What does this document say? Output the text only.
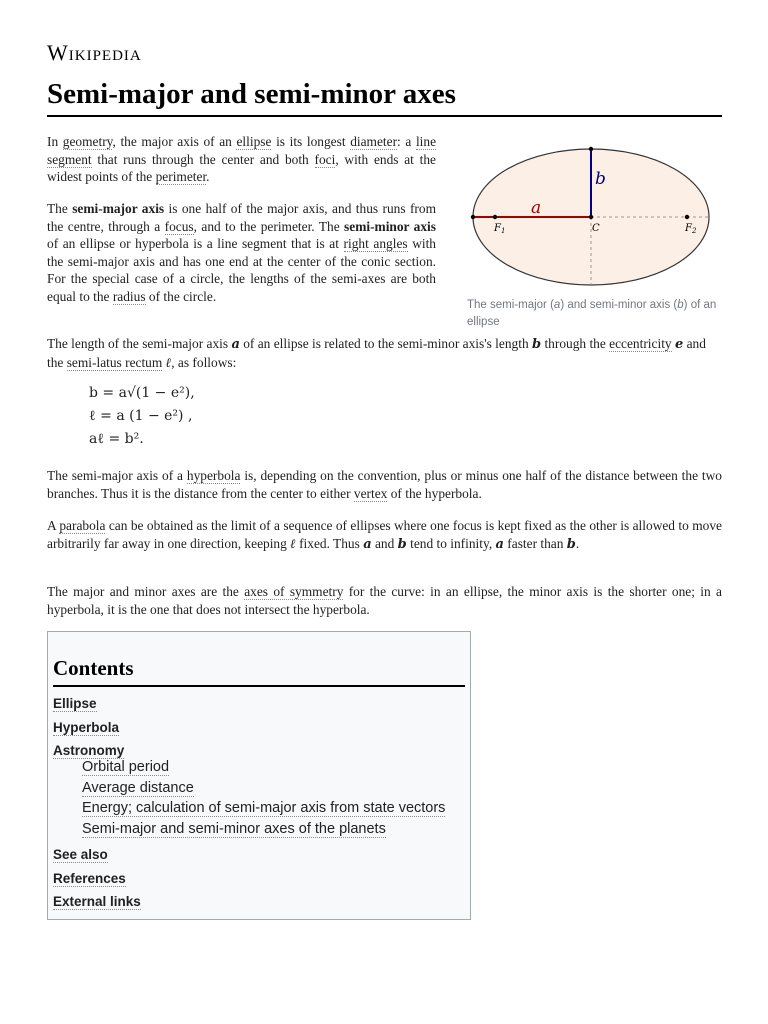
Wikipedia
Semi-major and semi-minor axes
a
b
$F_1$	C	$F_2$

The semi-major (a) and semi-minor axis (b) of an ellipse

In geometry, the major axis of an ellipse is its longest diameter: a line segment that runs through the center and both foci, with ends at the widest points of the perimeter.

The semi-major axis is one half of the major axis, and thus runs from the centre, through a focus, and to the perimeter. The semi-minor axis of an ellipse or hyperbola is a line segment that is at right angles with the semi-major axis and has one end at the center of the conic section. For the special case of a circle, the lengths of the semi-axes are both equal to the radius of the circle.

The length of the semi-major axis a of an ellipse is related to the semi-minor axis's length b through the eccentricity e and the semi-latus rectum ℓ, as follows:

b = a√(1 − e²),
ℓ = a (1 − e²) ,
aℓ = b².

The semi-major axis of a hyperbola is, depending on the convention, plus or minus one half of the distance between the two branches. Thus it is the distance from the center to either vertex of the hyperbola.

A parabola can be obtained as the limit of a sequence of ellipses where one focus is kept fixed as the other is allowed to move arbitrarily far away in one direction, keeping ℓ fixed. Thus a and b tend to infinity, a faster than b.

The major and minor axes are the axes of symmetry for the curve: in an ellipse, the minor axis is the shorter one; in a hyperbola, it is the one that does not intersect the hyperbola.

Contents
Ellipse
Hyperbola
Astronomy
Orbital period
Average distance
Energy; calculation of semi-major axis from state vectors
Semi-major and semi-minor axes of the planets
See also
References
External links
